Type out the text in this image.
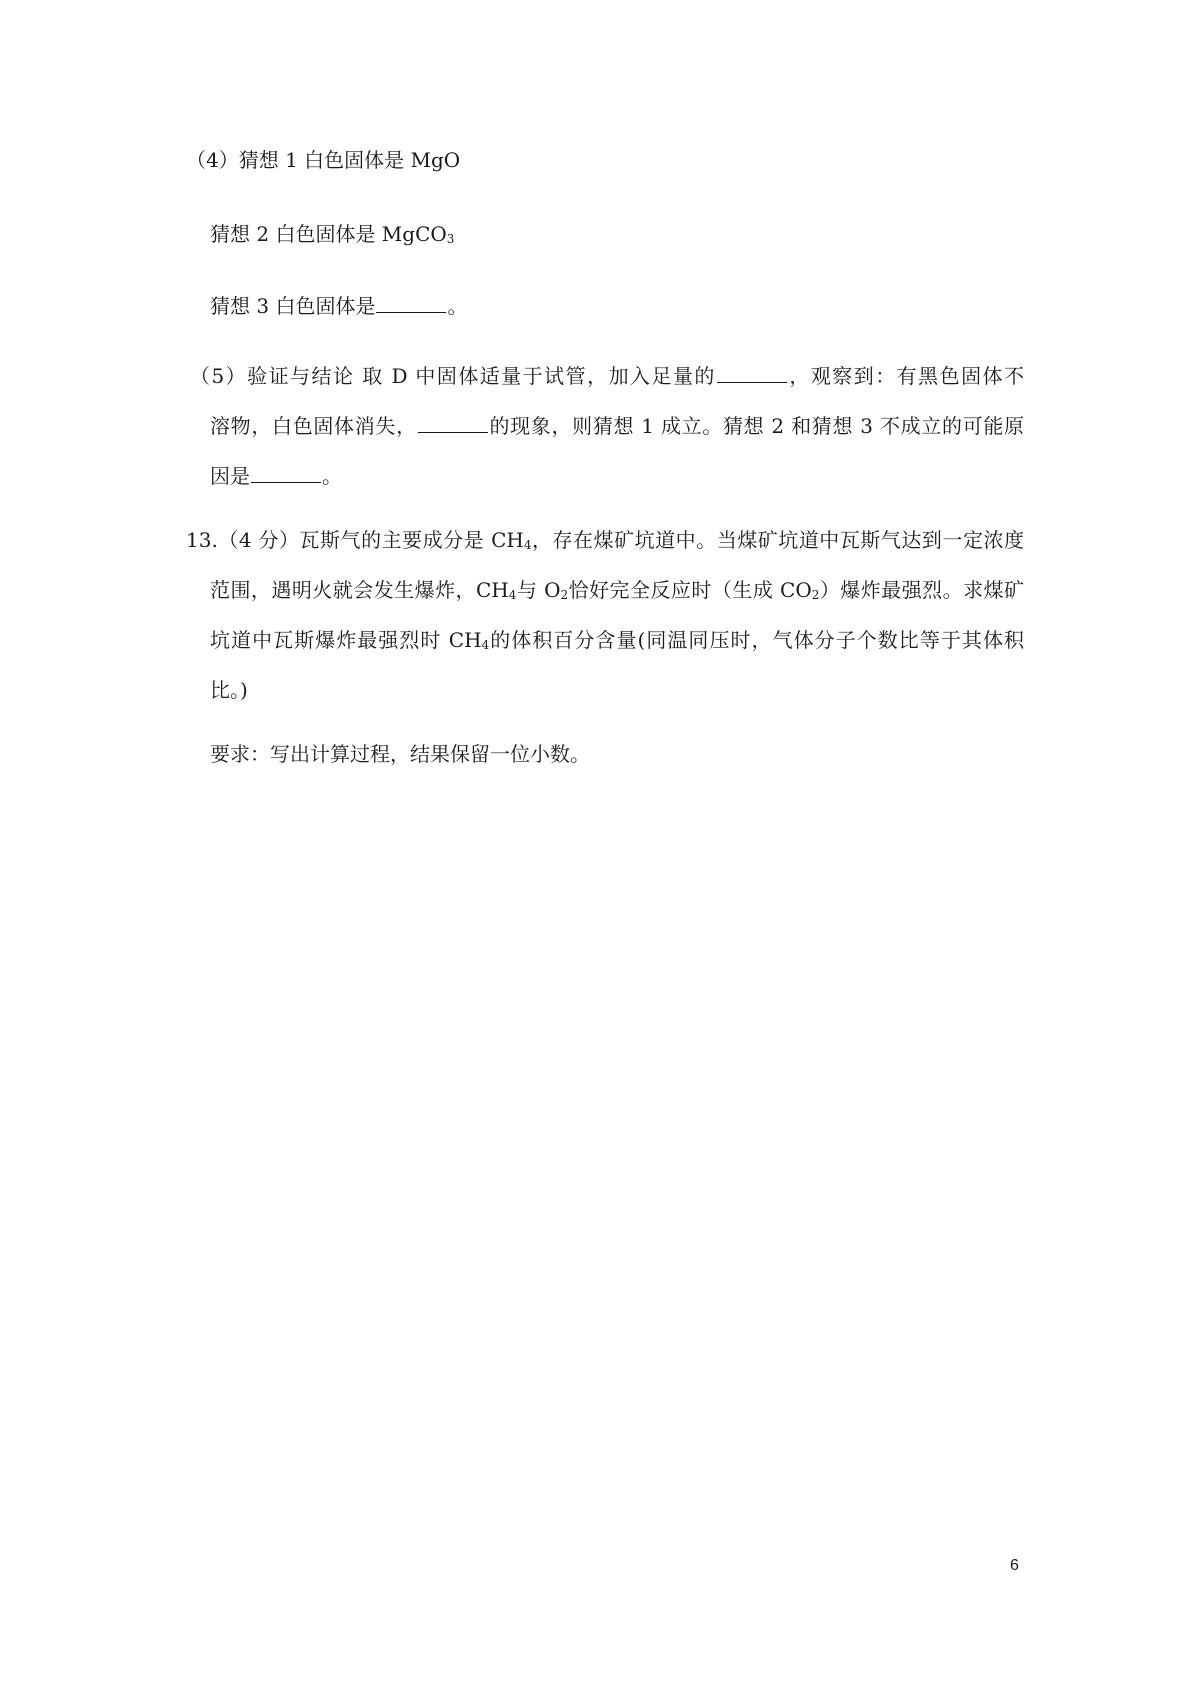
（4）猜想 1 白色固体是 MgO
猜想 2 白色固体是 MgCO$_3$
猜想 3 白色固体是	。
（5）验证与结论 取 D 中固体适量于试管，加入足量的	，观察到：有黑色固体不
溶物，白色固体消失，	的现象，则猜想 1 成立。猜想 2 和猜想 3 不成立的可能原
因是	。
13.（4 分）瓦斯气的主要成分是 $CH_4$，存在煤矿坑道中。当煤矿坑道中瓦斯气达到一定浓度
范围，遇明火就会发生爆炸，$CH_4$与 $O_2$恰好完全反应时（生成 $CO_2$）爆炸最强烈。求煤矿
坑道中瓦斯爆炸最强烈时 $CH_4$的体积百分含量(同温同压时，气体分子个数比等于其体积
比。)
要求：写出计算过程，结果保留一位小数。
6
